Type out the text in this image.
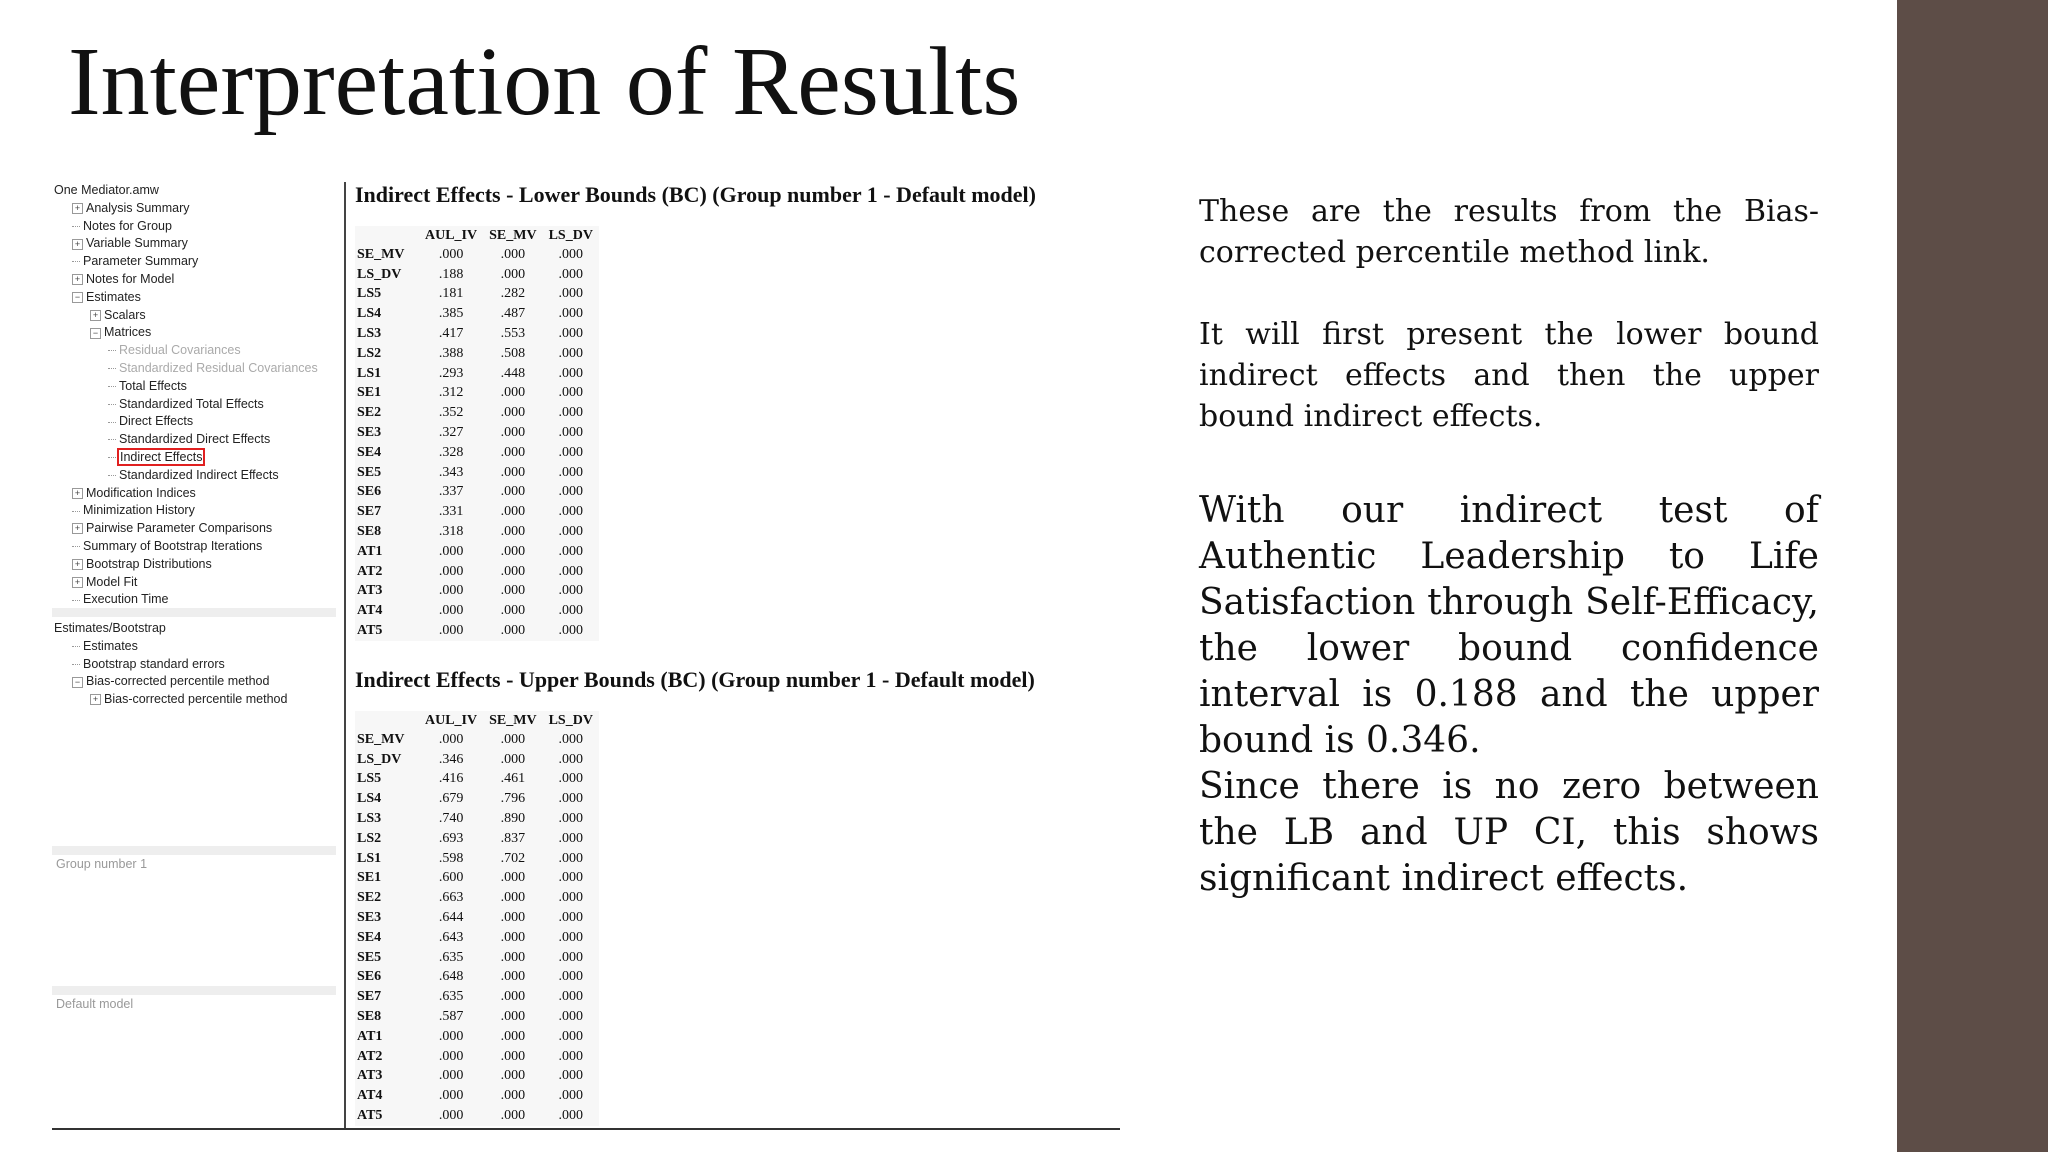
Interpretation of Results
One Mediator.amw
+ Analysis Summary
Notes for Group
+ Variable Summary
Parameter Summary
+ Notes for Model
− Estimates
+ Scalars
− Matrices
Residual Covariances
Standardized Residual Covariances
Total Effects
Standardized Total Effects
Direct Effects
Standardized Direct Effects
Indirect Effects
Standardized Indirect Effects
+ Modification Indices
Minimization History
+ Pairwise Parameter Comparisons
Summary of Bootstrap Iterations
+ Bootstrap Distributions
+ Model Fit
Execution Time
Estimates/Bootstrap
Estimates
Bootstrap standard errors
− Bias-corrected percentile method
+ Bias-corrected percentile method
Group number 1
Default model
Indirect Effects - Lower Bounds (BC) (Group number 1 - Default model)
	AUL_IV	SE_MV	LS_DV
SE_MV	.000	.000	.000
LS_DV	.188	.000	.000
LS5	.181	.282	.000
LS4	.385	.487	.000
LS3	.417	.553	.000
LS2	.388	.508	.000
LS1	.293	.448	.000
SE1	.312	.000	.000
SE2	.352	.000	.000
SE3	.327	.000	.000
SE4	.328	.000	.000
SE5	.343	.000	.000
SE6	.337	.000	.000
SE7	.331	.000	.000
SE8	.318	.000	.000
AT1	.000	.000	.000
AT2	.000	.000	.000
AT3	.000	.000	.000
AT4	.000	.000	.000
AT5	.000	.000	.000
Indirect Effects - Upper Bounds (BC) (Group number 1 - Default model)
	AUL_IV	SE_MV	LS_DV
SE_MV	.000	.000	.000
LS_DV	.346	.000	.000
LS5	.416	.461	.000
LS4	.679	.796	.000
LS3	.740	.890	.000
LS2	.693	.837	.000
LS1	.598	.702	.000
SE1	.600	.000	.000
SE2	.663	.000	.000
SE3	.644	.000	.000
SE4	.643	.000	.000
SE5	.635	.000	.000
SE6	.648	.000	.000
SE7	.635	.000	.000
SE8	.587	.000	.000
AT1	.000	.000	.000
AT2	.000	.000	.000
AT3	.000	.000	.000
AT4	.000	.000	.000
AT5	.000	.000	.000

These are the results from the Bias-corrected percentile method link.

It will first present the lower bound indirect effects and then the upper bound indirect effects.

With our indirect test of Authentic Leadership to Life Satisfaction through Self-Efficacy, the lower bound confidence interval is 0.188 and the upper bound is 0.346.

Since there is no zero between the LB and UP CI, this shows significant indirect effects.
